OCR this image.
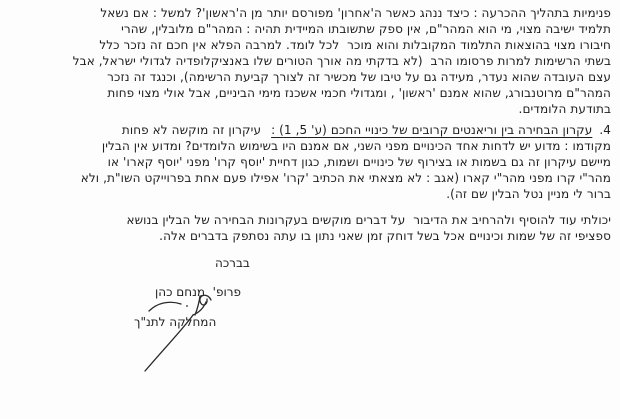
פנימיות בתהליך ההכרעה : כיצד ננהג כאשר ה'אחרון' מפורסם יותר מן ה'ראשון'? למשל : אם נשאל
תלמיד ישיבה מצוי, מי הוא המהר"ם, אין ספק שתשובתו המיידית תהיה : המהר"ם מלובלין, שהרי
חיבורו מצוי בהוצאות התלמוד המקובלות והוא מוכר  לכל לומד. למרבה הפלא אין חכם זה נזכר כלל
בשתי הרשימות למרות פרסומו הרב  (לא בדקתי מה אורך הטורים שלו באנציקלופדיה לגדולי ישראל, אבל
עצם העובדה שהוא נעדר, מעידה גם על טיבו של מכשיר זה לצורך קביעת הרשימה), וכנגד זה נזכר
המהר"ם מרוטנבורג, שהוא אמנם 'ראשון' , ומגדולי חכמי אשכנז מימי הביניים, אבל אולי מצוי פחות
בתודעת הלומדים.
4.עקרון הבחירה בין וריאנטים קרובים של כינויי החכם (ע' 5, 1) :עיקרון זה מוקשה לא פחות
מקודמו : מדוע יש לדחות אחד הכינויים מפני השני, אם אמנם היו בשימוש הלומדים? ומדוע אין הבלין
מיישם עיקרון זה גם בשמות או בצירוף של כינויים ושמות, כגון דחיית 'יוסף קרו' מפני 'יוסף קארו' או
מהר"י קרו מפני מהר"י קארו (אגב : לא מצאתי את הכתיב 'קרו' אפילו פעם אחת בפרוייקט השו"ת, ולא
ברור לי מניין נטל הבלין שם זה).
יכולתי עוד להוסיף ולהרחיב את הדיבור  על דברים מוקשים בעקרונות הבחירה של הבלין בנושא
ספציפי זה של שמות וכינויים אכל בשל דוחק זמן שאני נתון בו עתה נסתפק בדברים אלה.
בברכה
פרופ'  מנחם כהן
המחלקה לתנ"ך
